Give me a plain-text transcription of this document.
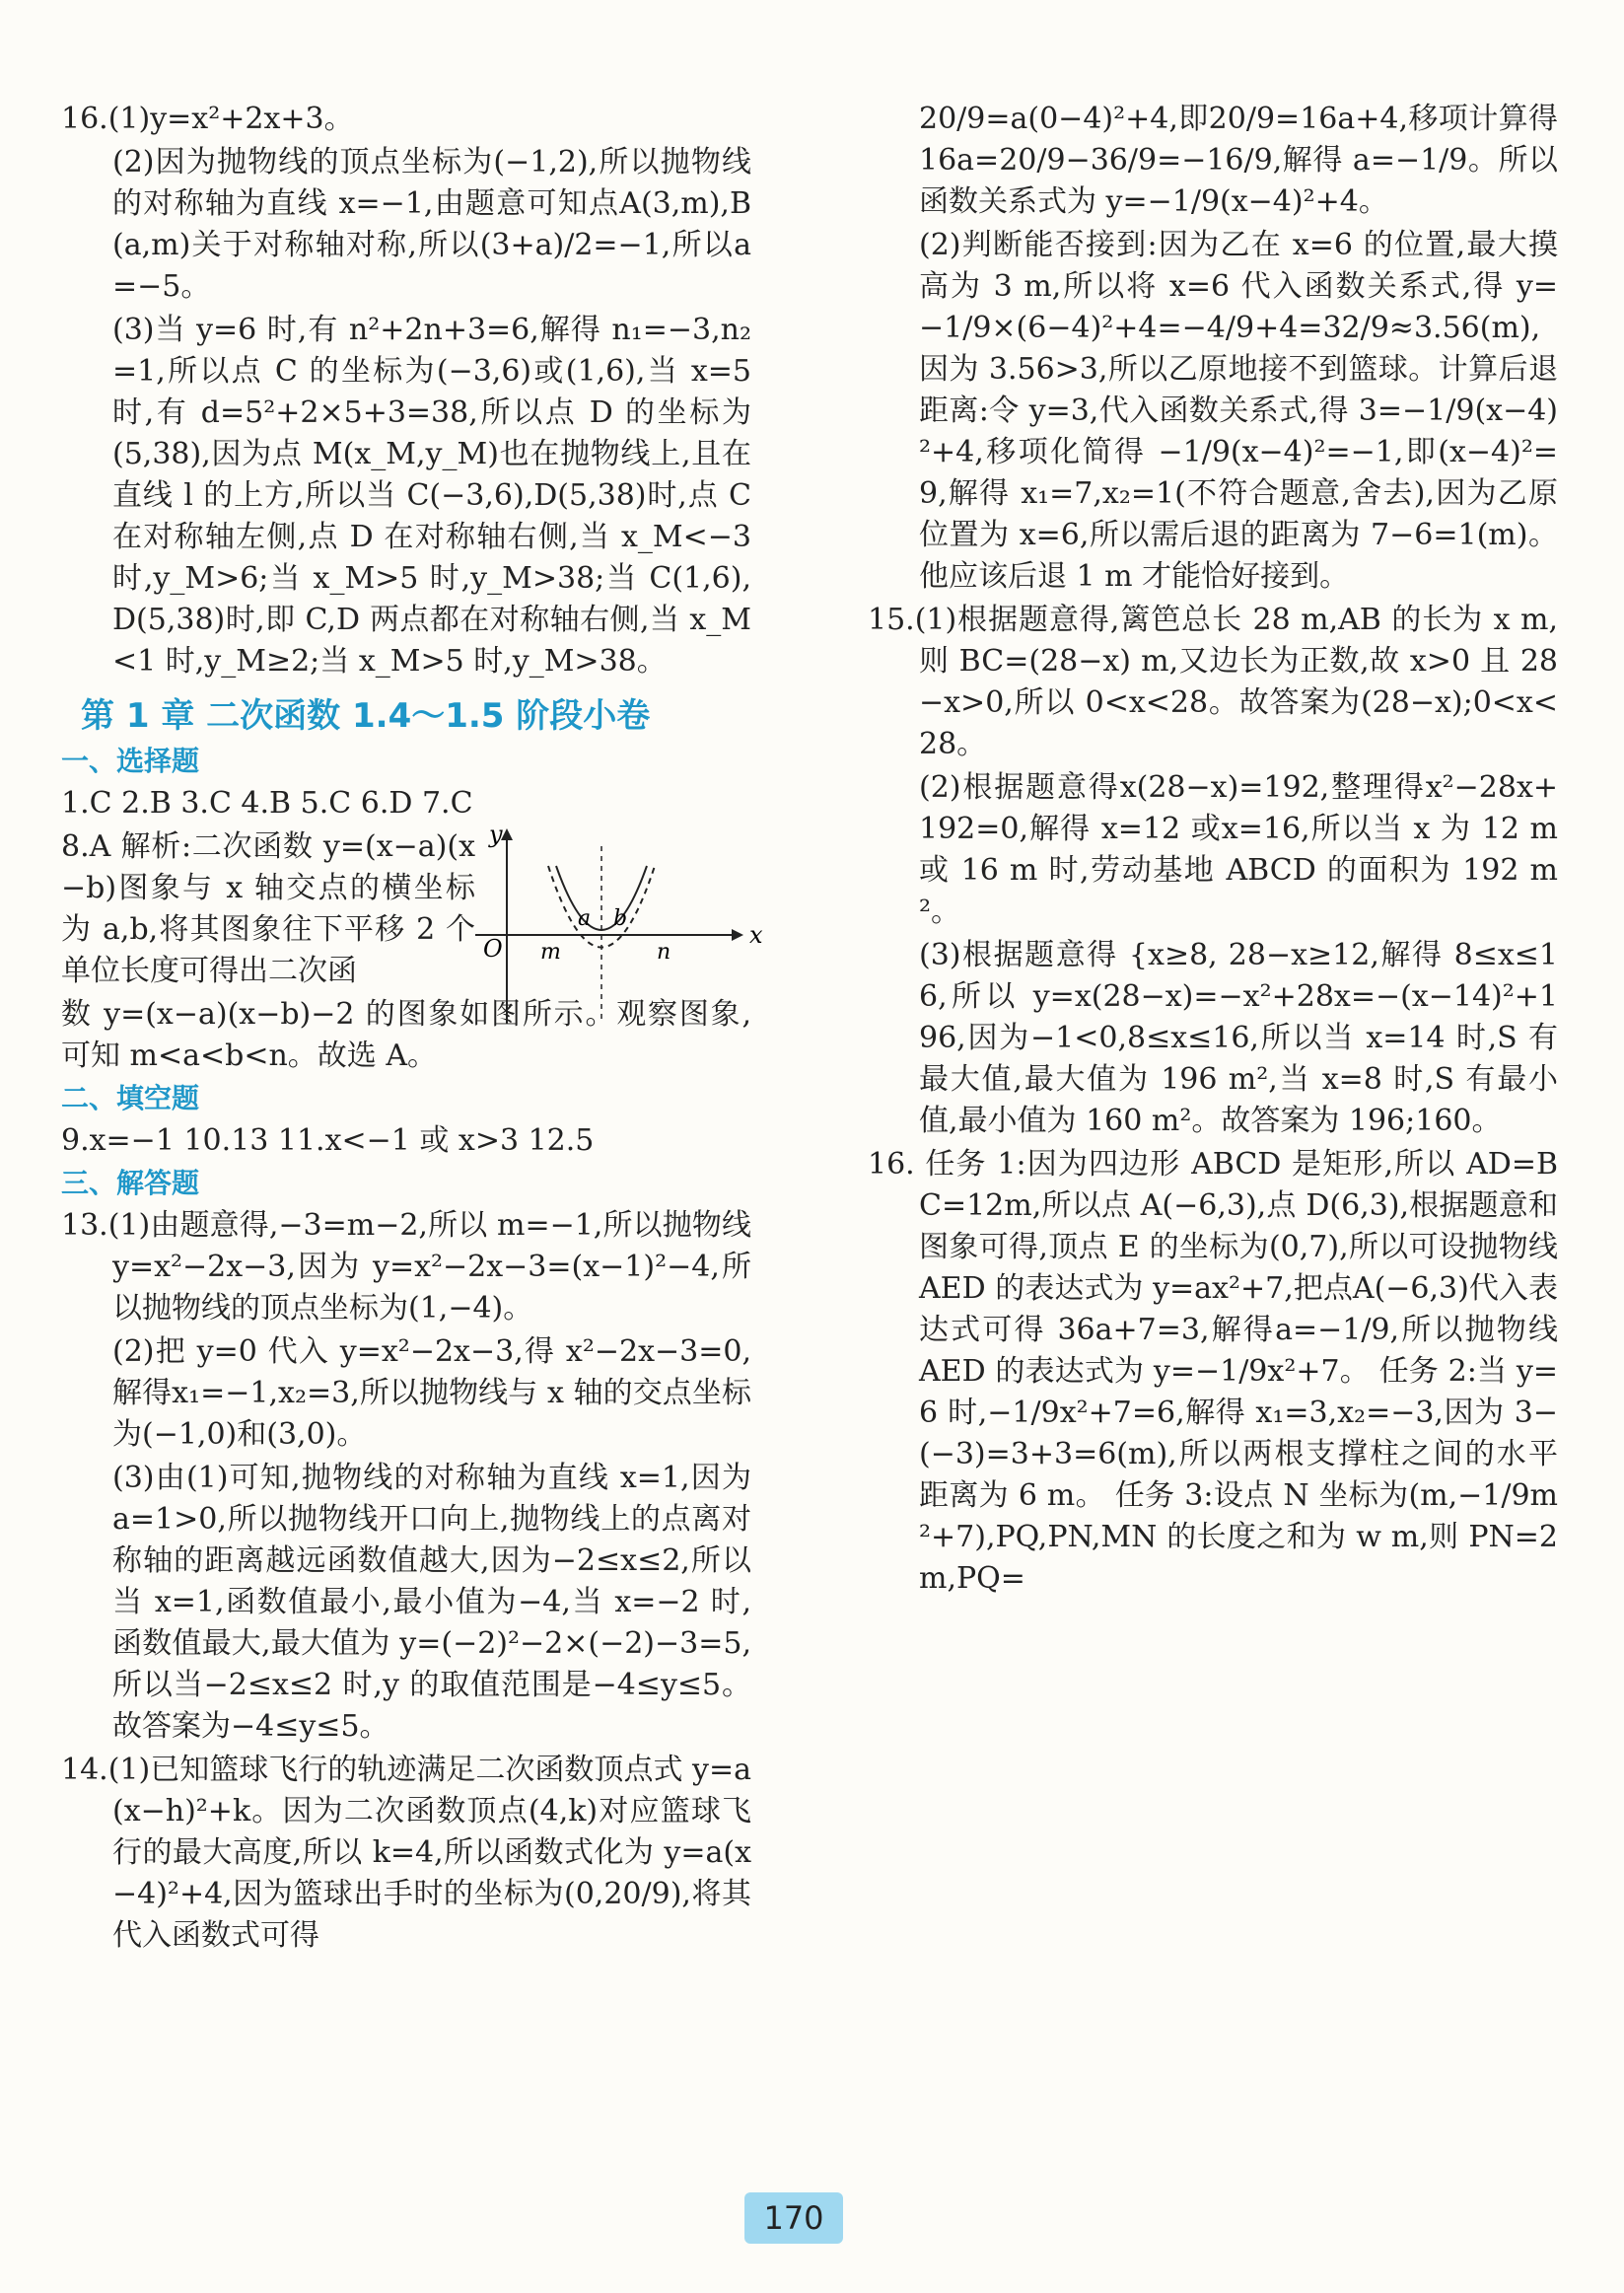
16.(1)y=x²+2x+3。

(2)因为抛物线的顶点坐标为(−1,2),所以抛物线的对称轴为直线 x=−1,由题意可知点A(3,m),B(a,m)关于对称轴对称,所以(3+a)/2=−1,所以a=−5。

(3)当 y=6 时,有 n²+2n+3=6,解得 n₁=−3,n₂=1,所以点 C 的坐标为(−3,6)或(1,6),当 x=5 时,有 d=5²+2×5+3=38,所以点 D 的坐标为(5,38),因为点 M(x_M,y_M)也在抛物线上,且在直线 l 的上方,所以当 C(−3,6),D(5,38)时,点 C 在对称轴左侧,点 D 在对称轴右侧,当 x_M<−3 时,y_M>6;当 x_M>5 时,y_M>38;当 C(1,6),D(5,38)时,即 C,D 两点都在对称轴右侧,当 x_M<1 时,y_M≥2;当 x_M>5 时,y_M>38。

第 1 章 二次函数 1.4～1.5 阶段小卷
一、选择题

1.C 2.B 3.C 4.B 5.C 6.D 7.C

8.A 解析:二次函数 y=(x−a)(x−b)图象与 x 轴交点的横坐标为 a,b,将其图象往下平移 2 个单位长度可得出二次函

y
x
O m
a b
n

数 y=(x−a)(x−b)−2 的图象如图所示。观察图象,可知 m<a<b<n。故选 A。

二、填空题

9.x=−1 10.13 11.x<−1 或 x>3 12.5

三、解答题

13.(1)由题意得,−3=m−2,所以 m=−1,所以抛物线 y=x²−2x−3,因为 y=x²−2x−3=(x−1)²−4,所以抛物线的顶点坐标为(1,−4)。

(2)把 y=0 代入 y=x²−2x−3,得 x²−2x−3=0,解得x₁=−1,x₂=3,所以抛物线与 x 轴的交点坐标为(−1,0)和(3,0)。

(3)由(1)可知,抛物线的对称轴为直线 x=1,因为 a=1>0,所以抛物线开口向上,抛物线上的点离对称轴的距离越远函数值越大,因为−2≤x≤2,所以当 x=1,函数值最小,最小值为−4,当 x=−2 时,函数值最大,最大值为 y=(−2)²−2×(−2)−3=5,所以当−2≤x≤2 时,y 的取值范围是−4≤y≤5。故答案为−4≤y≤5。

14.(1)已知篮球飞行的轨迹满足二次函数顶点式 y=a(x−h)²+k。因为二次函数顶点(4,k)对应篮球飞行的最大高度,所以 k=4,所以函数式化为 y=a(x−4)²+4,因为篮球出手时的坐标为(0,20/9),将其代入函数式可得

20/9=a(0−4)²+4,即20/9=16a+4,移项计算得 16a=20/9−36/9=−16/9,解得 a=−1/9。所以函数关系式为 y=−1/9(x−4)²+4。

(2)判断能否接到:因为乙在 x=6 的位置,最大摸高为 3 m,所以将 x=6 代入函数关系式,得 y=−1/9×(6−4)²+4=−4/9+4=32/9≈3.56(m),因为 3.56>3,所以乙原地接不到篮球。计算后退距离:令 y=3,代入函数关系式,得 3=−1/9(x−4)²+4,移项化简得 −1/9(x−4)²=−1,即(x−4)²=9,解得 x₁=7,x₂=1(不符合题意,舍去),因为乙原位置为 x=6,所以需后退的距离为 7−6=1(m)。他应该后退 1 m 才能恰好接到。

15.(1)根据题意得,篱笆总长 28 m,AB 的长为 x m,则 BC=(28−x) m,又边长为正数,故 x>0 且 28−x>0,所以 0<x<28。故答案为(28−x);0<x<28。

(2)根据题意得x(28−x)=192,整理得x²−28x+192=0,解得 x=12 或x=16,所以当 x 为 12 m 或 16 m 时,劳动基地 ABCD 的面积为 192 m²。

(3)根据题意得 {x≥8, 28−x≥12,解得 8≤x≤16,所以 y=x(28−x)=−x²+28x=−(x−14)²+196,因为−1<0,8≤x≤16,所以当 x=14 时,S 有最大值,最大值为 196 m²,当 x=8 时,S 有最小值,最小值为 160 m²。故答案为 196;160。

16. 任务 1:因为四边形 ABCD 是矩形,所以 AD=BC=12m,所以点 A(−6,3),点 D(6,3),根据题意和图象可得,顶点 E 的坐标为(0,7),所以可设抛物线 AED 的表达式为 y=ax²+7,把点A(−6,3)代入表达式可得 36a+7=3,解得a=−1/9,所以抛物线 AED 的表达式为 y=−1/9x²+7。 任务 2:当 y=6 时,−1/9x²+7=6,解得 x₁=3,x₂=−3,因为 3−(−3)=3+3=6(m),所以两根支撑柱之间的水平距离为 6 m。 任务 3:设点 N 坐标为(m,−1/9m²+7),PQ,PN,MN 的长度之和为 w m,则 PN=2m,PQ=

170
